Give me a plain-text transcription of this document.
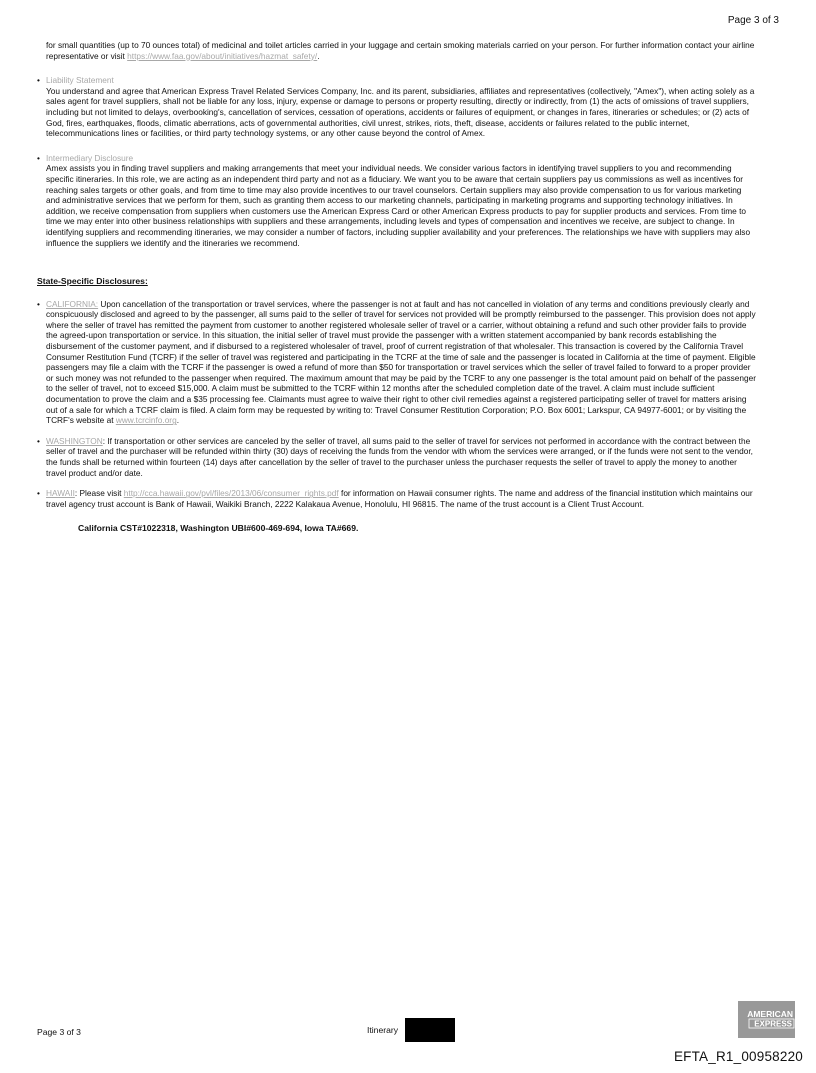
Page 3 of 3

for small quantities (up to 70 ounces total) of medicinal and toilet articles carried in your luggage and certain smoking materials carried on your person. For further information contact your airline representative or visit https://www.faa.gov/about/initiatives/hazmat_safety/.

• Liability Statement

You understand and agree that American Express Travel Related Services Company, Inc. and its parent, subsidiaries, affiliates and representatives (collectively, "Amex"), when acting solely as a sales agent for travel suppliers, shall not be liable for any loss, injury, expense or damage to persons or property resulting, directly or indirectly, from (1) the acts of omissions of travel suppliers, including but not limited to delays, overbooking's, cancellation of services, cessation of operations, accidents or failures of equipment, or changes in fares, itineraries or schedules; or (2) acts of God, fires, earthquakes, floods, climatic aberrations, acts of governmental authorities, civil unrest, strikes, riots, theft, disease, accidents or failures related to the public internet, telecommunications lines or facilities, or third party technology systems, or any other cause beyond the control of Amex.

• Intermediary Disclosure

Amex assists you in finding travel suppliers and making arrangements that meet your individual needs. We consider various factors in identifying travel suppliers to you and recommending specific itineraries. In this role, we are acting as an independent third party and not as a fiduciary. We want you to be aware that certain suppliers pay us commissions as well as incentives for reaching sales targets or other goals, and from time to time may also provide incentives to our travel counselors. Certain suppliers may also provide compensation to us for various marketing and administrative services that we perform for them, such as granting them access to our marketing channels, participating in marketing programs and supporting technology initiatives. In addition, we receive compensation from suppliers when customers use the American Express Card or other American Express products to pay for supplier products and services. From time to time we may enter into other business relationships with suppliers and these arrangements, including levels and types of compensation and incentives we receive, are subject to change. In identifying suppliers and recommending itineraries, we may consider a number of factors, including supplier availability and your preferences. The relationships we have with suppliers may also influence the suppliers we identify and the itineraries we recommend.

State-Specific Disclosures:
• CALIFORNIA: Upon cancellation of the transportation or travel services, where the passenger is not at fault and has not cancelled in violation of any terms and conditions previously clearly and conspicuously disclosed and agreed to by the passenger, all sums paid to the seller of travel for services not provided will be promptly reimbursed to the passenger. This provision does not apply where the seller of travel has remitted the payment from customer to another registered wholesale seller of travel or a carrier, without obtaining a refund and such other provider fails to provide the agreed-upon transportation or service. In this situation, the initial seller of travel must provide the passenger with a written statement accompanied by bank records establishing the disbursement of the customer payment, and if disbursed to a registered wholesaler of travel, proof of current registration of that wholesaler. This transaction is covered by the California Travel Consumer Restitution Fund (TCRF) if the seller of travel was registered and participating in the TCRF at the time of sale and the passenger is located in California at the time of payment. Eligible passengers may file a claim with the TCRF if the passenger is owed a refund of more than $50 for transportation or travel services which the seller of travel failed to forward to a proper provider or such money was not refunded to the passenger when required. The maximum amount that may be paid by the TCRF to any one passenger is the total amount paid on behalf of the passenger to the seller of travel, not to exceed $15,000. A claim must be submitted to the TCRF within 12 months after the scheduled completion date of the travel. A claim must include sufficient documentation to prove the claim and a $35 processing fee. Claimants must agree to waive their right to other civil remedies against a registered participating seller of travel for matters arising out of a sale for which a TCRF claim is filed. A claim form may be requested by writing to: Travel Consumer Restitution Corporation; P.O. Box 6001; Larkspur, CA 94977-6001; or by visiting the TCRF's website at www.tcrcinfo.org.

• WASHINGTON: If transportation or other services are canceled by the seller of travel, all sums paid to the seller of travel for services not performed in accordance with the contract between the seller of travel and the purchaser will be refunded within thirty (30) days of receiving the funds from the vendor with whom the services were arranged, or if the funds were not sent to the vendor, the funds shall be returned within fourteen (14) days after cancellation by the seller of travel to the purchaser unless the purchaser requests the seller of travel to apply the money to another travel product and/or date.

• HAWAII: Please visit http://cca.hawaii.gov/pvl/files/2013/06/consumer_rights.pdf for information on Hawaii consumer rights. The name and address of the financial institution which maintains our travel agency trust account is Bank of Hawaii, Waikiki Branch, 2222 Kalakaua Avenue, Honolulu, HI 96815. The name of the trust account is a Client Trust Account.

California CST#1022318, Washington UBI#600-469-694, Iowa TA#669.
Page 3 of 3	Itinerary
AMERICAN
EXPRESS
EFTA_R1_00958220
